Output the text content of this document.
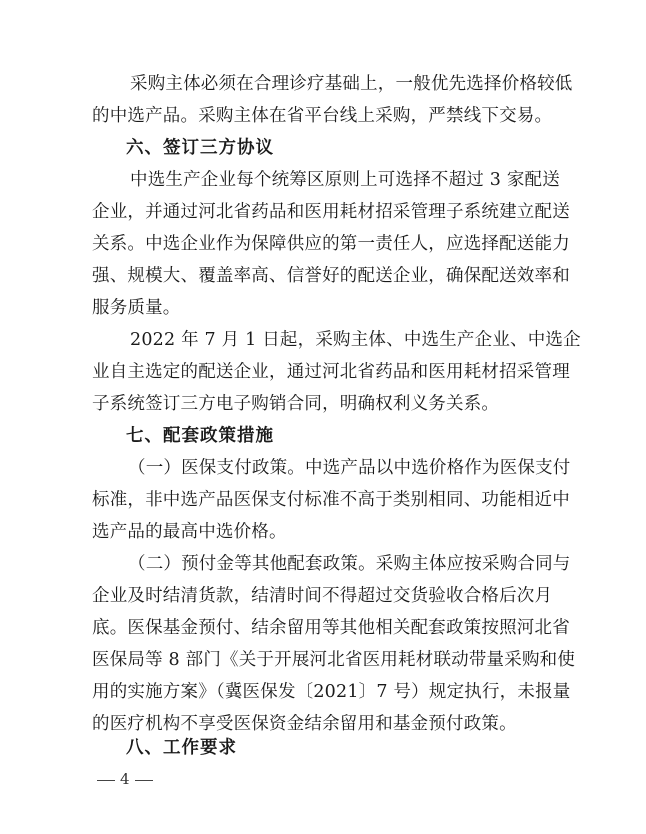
采购主体必须在合理诊疗基础上，一般优先选择价格较低

的中选产品。采购主体在省平台线上采购，严禁线下交易。

六、签订三方协议

中选生产企业每个统筹区原则上可选择不超过 3 家配送

企业，并通过河北省药品和医用耗材招采管理子系统建立配送

关系。中选企业作为保障供应的第一责任人，应选择配送能力

强、规模大、覆盖率高、信誉好的配送企业，确保配送效率和

服务质量。

2022 年 7 月 1 日起，采购主体、中选生产企业、中选企

业自主选定的配送企业，通过河北省药品和医用耗材招采管理

子系统签订三方电子购销合同，明确权利义务关系。

七、配套政策措施

（一）医保支付政策。中选产品以中选价格作为医保支付

标准，非中选产品医保支付标准不高于类别相同、功能相近中

选产品的最高中选价格。

（二）预付金等其他配套政策。采购主体应按采购合同与

企业及时结清货款，结清时间不得超过交货验收合格后次月

底。医保基金预付、结余留用等其他相关配套政策按照河北省

医保局等 8 部门《关于开展河北省医用耗材联动带量采购和使

用的实施方案》（冀医保发〔2021〕7 号）规定执行，未报量

的医疗机构不享受医保资金结余留用和基金预付政策。

八、工作要求

4
